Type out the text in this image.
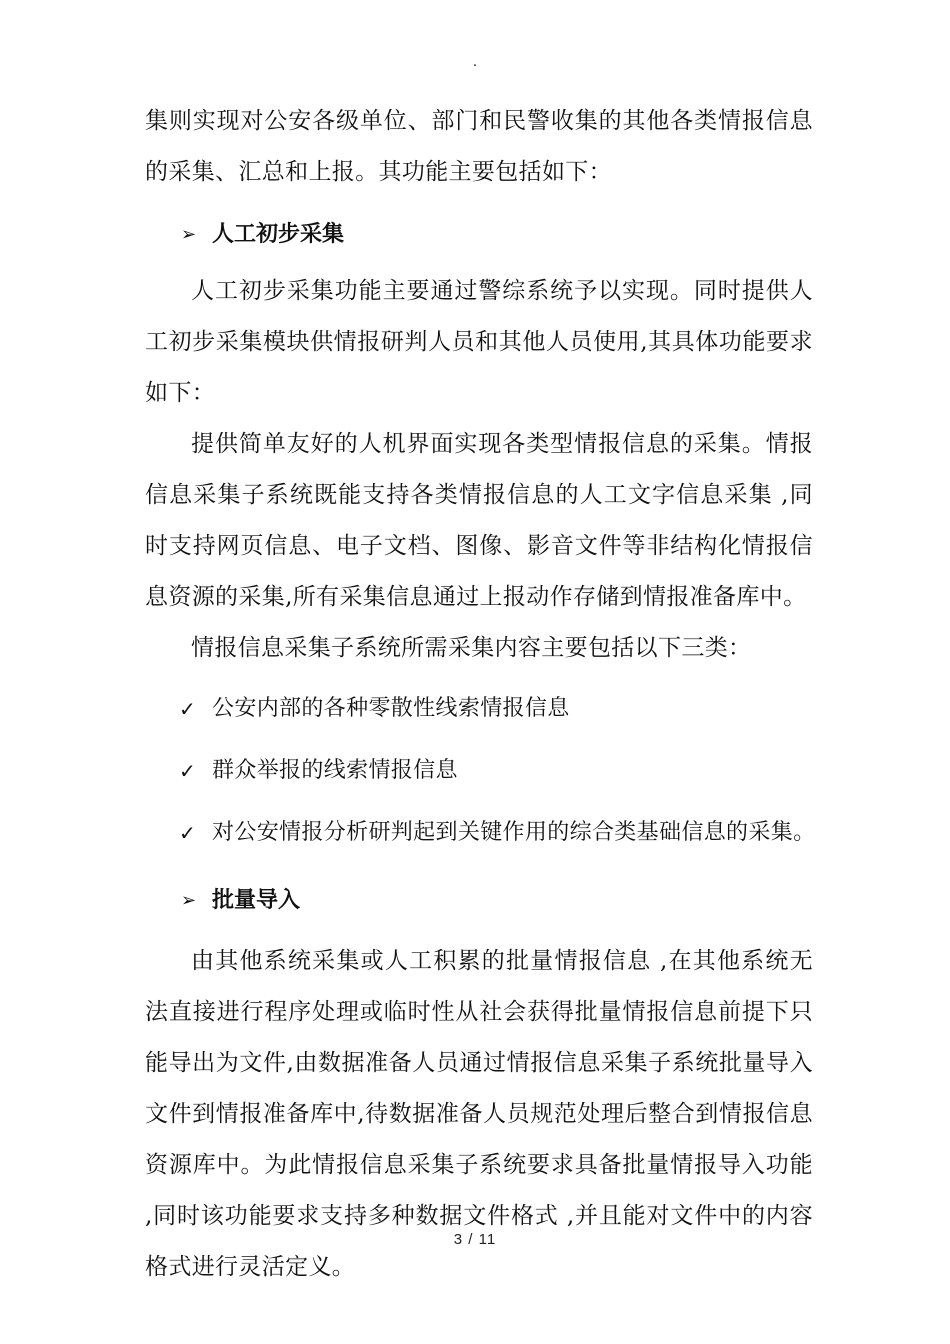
.

集则实现对公安各级单位、部门和民警收集的其他各类情报信息的采集、汇总和上报。其功能主要包括如下：

➢ 人工初步采集

人工初步采集功能主要通过警综系统予以实现。同时提供人工初步采集模块供情报研判人员和其他人员使用,其具体功能要求如下：

提供简单友好的人机界面实现各类型情报信息的采集。情报信息采集子系统既能支持各类情报信息的人工文字信息采集 ,同时支持网页信息、电子文档、图像、影音文件等非结构化情报信息资源的采集,所有采集信息通过上报动作存储到情报准备库中。

情报信息采集子系统所需采集内容主要包括以下三类：

✓ 公安内部的各种零散性线索情报信息
✓ 群众举报的线索情报信息
✓ 对公安情报分析研判起到关键作用的综合类基础信息的采集。
➢ 批量导入

由其他系统采集或人工积累的批量情报信息 ,在其他系统无法直接进行程序处理或临时性从社会获得批量情报信息前提下只能导出为文件,由数据准备人员通过情报信息采集子系统批量导入文件到情报准备库中,待数据准备人员规范处理后整合到情报信息资源库中。为此情报信息采集子系统要求具备批量情报导入功能 ,同时该功能要求支持多种数据文件格式 ,并且能对文件中的内容格式进行灵活定义。

3 / 11
